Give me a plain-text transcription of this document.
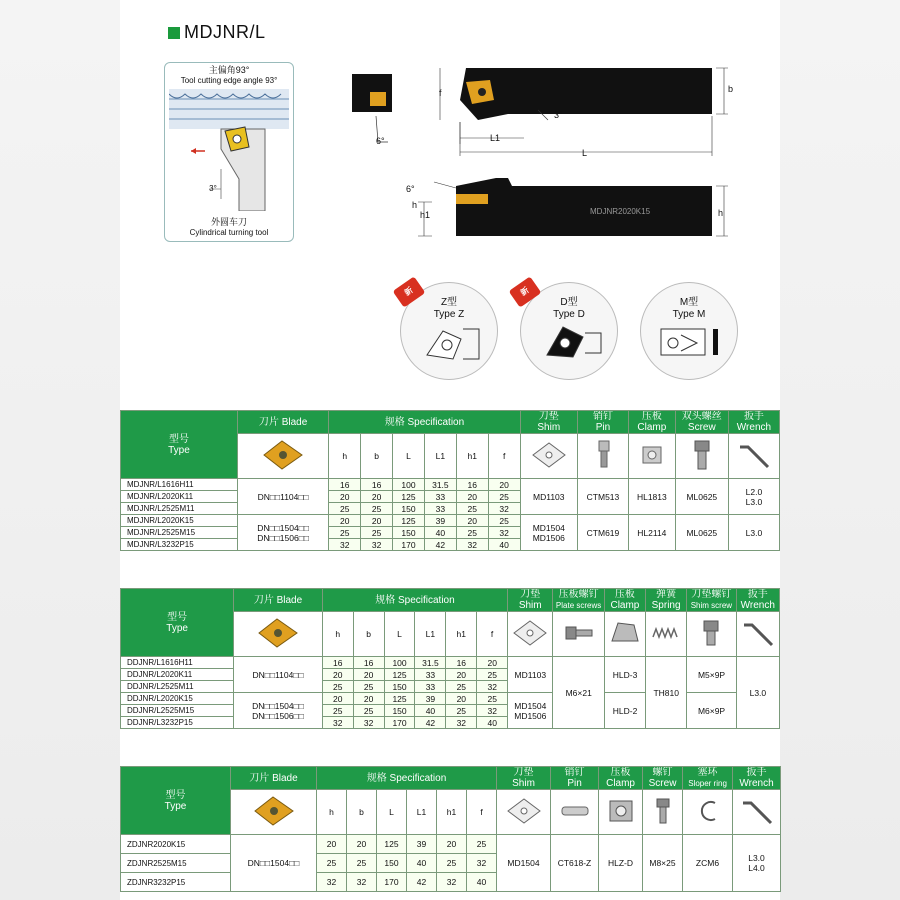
MDJNR/L
主偏角93°
Tool cutting edge angle 93°
3°
外圆车刀
Cylindrical turning tool
f	b
L1
L
6°
3°
6°
h
h1	h
MDJNR2020K15
Z型
Type Z
新
D型
Type D
新
M型
Type M
型号
Type	刀片 Blade	规格 Specification						刀垫
Shim	销钉
Pin	压板
Clamp	双头螺丝
Screw	扳手
Wrench
	h	b	L	L1	h1	f					
MDJNR/L1616H11	DN□□1104□□	16	16	100	31.5	16	20	MD1103	CTM513	HL1813	ML0625	L2.0
L3.0
MDJNR/L2020K11		20	20	125	33	20	25					
MDJNR/L2525M11		25	25	150	33	25	32					
MDJNR/L2020K15	DN□□1504□□
DN□□1506□□	20	20	125	39	20	25	MD1504
MD1506	CTM619	HL2114	ML0625	L3.0
MDJNR/L2525M15		25	25	150	40	25	32					
MDJNR/L3232P15		32	32	170	42	32	40					
型号
Type	刀片 Blade	规格 Specification						刀垫
Shim	压板螺钉
Plate screws	压板
Clamp	弹簧
Spring	刀垫螺钉
Shim screw	扳手
Wrench
	h	b	L	L1	h1	f						
DDJNR/L1616H11	DN□□1104□□	16	16	100	31.5	16	20	MD1103	M6×21	HLD-3	TH810	M5×9P	L3.0
DDJNR/L2020K11		20	20	125	33	20	25						
DDJNR/L2525M11		25	25	150	33	25	32						
DDJNR/L2020K15	DN□□1504□□
DN□□1506□□	20	20	125	39	20	25	MD1504
MD1506		HLD-2		M6×9P	
DDJNR/L2525M15		25	25	150	40	25	32						
DDJNR/L3232P15		32	32	170	42	32	40						
型号
Type	刀片 Blade	规格 Specification						刀垫
Shim	销钉
Pin	压板
Clamp	螺钉
Screw	塞环
Sloper ring	扳手
Wrench
	h	b	L	L1	h1	f						
ZDJNR2020K15	DN□□1504□□	20	20	125	39	20	25	MD1504	CT618-Z	HLZ-D	M8×25	ZCM6	L3.0
L4.0
ZDJNR2525M15		25	25	150	40	25	32						
ZDJNR3232P15		32	32	170	42	32	40						
